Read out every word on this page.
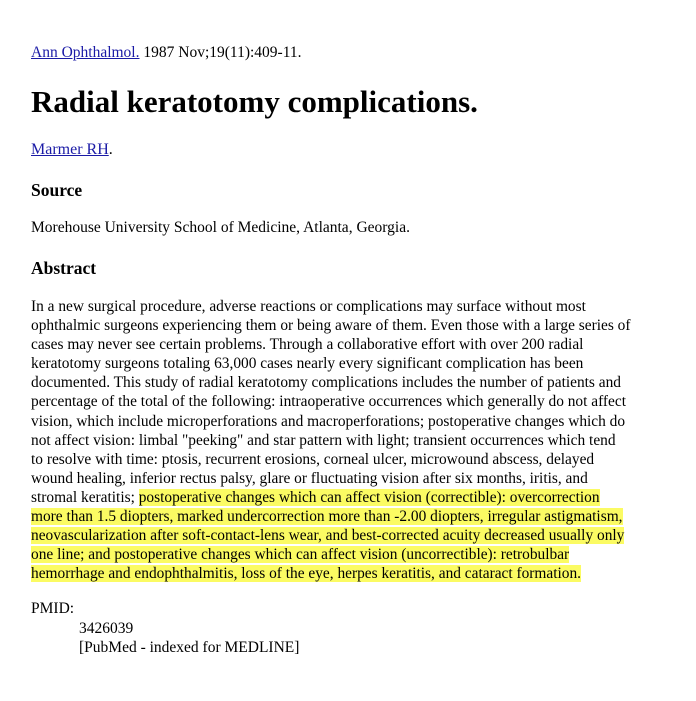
Ann Ophthalmol. 1987 Nov;19(11):409-11.
Radial keratotomy complications.
Marmer RH.
Source
Morehouse University School of Medicine, Atlanta, Georgia.
Abstract

In a new surgical procedure, adverse reactions or complications may surface without most
ophthalmic surgeons experiencing them or being aware of them. Even those with a large series of
cases may never see certain problems. Through a collaborative effort with over 200 radial
keratotomy surgeons totaling 63,000 cases nearly every significant complication has been
documented. This study of radial keratotomy complications includes the number of patients and
percentage of the total of the following: intraoperative occurrences which generally do not affect
vision, which include microperforations and macroperforations; postoperative changes which do
not affect vision: limbal "peeking" and star pattern with light; transient occurrences which tend
to resolve with time: ptosis, recurrent erosions, corneal ulcer, microwound abscess, delayed
wound healing, inferior rectus palsy, glare or fluctuating vision after six months, iritis, and
stromal keratitis; postoperative changes which can affect vision (correctible): overcorrection
more than 1.5 diopters, marked undercorrection more than -2.00 diopters, irregular astigmatism,
neovascularization after soft-contact-lens wear, and best-corrected acuity decreased usually only
one line; and postoperative changes which can affect vision (uncorrectible): retrobulbar
hemorrhage and endophthalmitis, loss of the eye, herpes keratitis, and cataract formation.

PMID:
3426039
[PubMed - indexed for MEDLINE]
